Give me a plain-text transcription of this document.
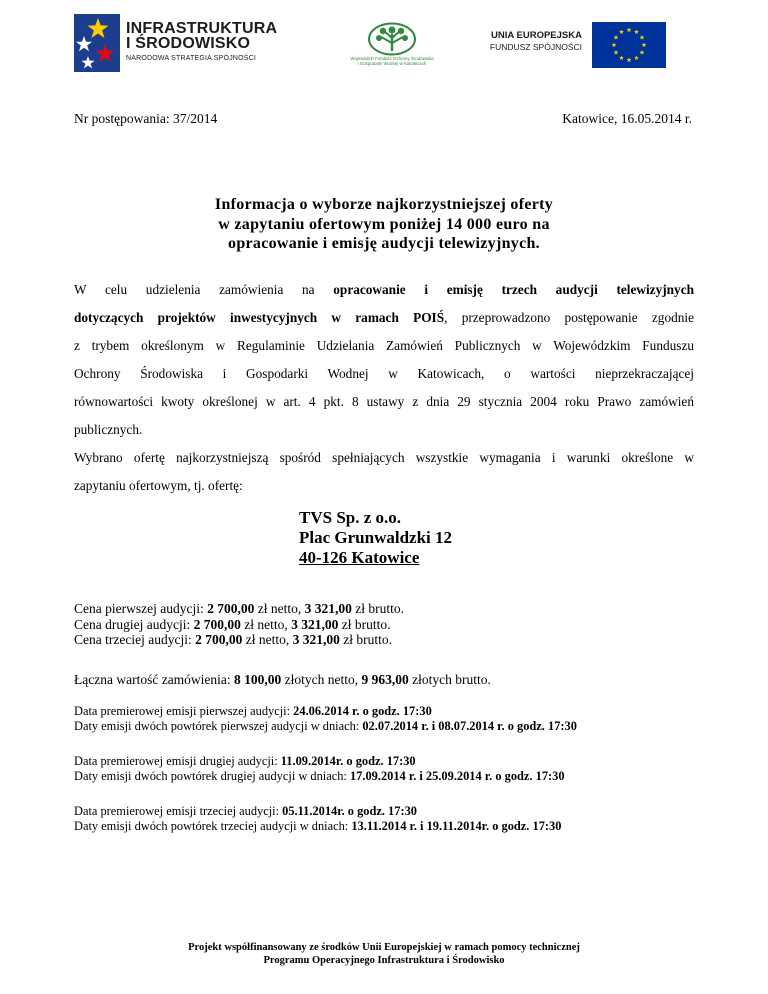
INFRASTRUKTURA
I ŚRODOWISKO
NARODOWA STRATEGIA SPÓJNOŚCI	Wojewódzki Fundusz Ochrony Środowiska
i Gospodarki Wodnej w Katowicach
UNIA EUROPEJSKA
FUNDUSZ SPÓJNOŚCI
Nr postępowania: 37/2014	Katowice, 16.05.2014 r.
Informacja o wyborze najkorzystniejszej oferty
w zapytaniu ofertowym poniżej 14 000 euro na
opracowanie i emisję audycji telewizyjnych.

W celu udzielenia zamówienia na opracowanie i emisję trzech audycji telewizyjnych

dotyczących projektów inwestycyjnych w ramach POIŚ, przeprowadzono postępowanie zgodnie

z trybem określonym w Regulaminie Udzielania Zamówień Publicznych w Wojewódzkim Funduszu

Ochrony Środowiska i Gospodarki Wodnej w Katowicach, o wartości nieprzekraczającej

równowartości kwoty określonej w art. 4 pkt. 8 ustawy z dnia 29 stycznia 2004 roku Prawo zamówień

publicznych.

Wybrano ofertę najkorzystniejszą spośród spełniających wszystkie wymagania i warunki określone w

zapytaniu ofertowym, tj. ofertę:

TVS Sp. z o.o.
Plac Grunwaldzki 12
40-126 Katowice
Cena pierwszej audycji: 2 700,00 zł netto, 3 321,00 zł brutto.
Cena drugiej audycji: 2 700,00 zł netto, 3 321,00 zł brutto.
Cena trzeciej audycji: 2 700,00 zł netto, 3 321,00 zł brutto.
Łączna wartość zamówienia: 8 100,00 złotych netto, 9 963,00 złotych brutto.
Data premierowej emisji pierwszej audycji: 24.06.2014 r. o godz. 17:30
Daty emisji dwóch powtórek pierwszej audycji w dniach: 02.07.2014 r. i 08.07.2014 r. o godz. 17:30
Data premierowej emisji drugiej audycji: 11.09.2014r. o godz. 17:30
Daty emisji dwóch powtórek drugiej audycji w dniach: 17.09.2014 r. i 25.09.2014 r. o godz. 17:30
Data premierowej emisji trzeciej audycji: 05.11.2014r. o godz. 17:30
Daty emisji dwóch powtórek trzeciej audycji w dniach: 13.11.2014 r. i 19.11.2014r. o godz. 17:30
Projekt współfinansowany ze środków Unii Europejskiej w ramach pomocy technicznej
Programu Operacyjnego Infrastruktura i Środowisko
